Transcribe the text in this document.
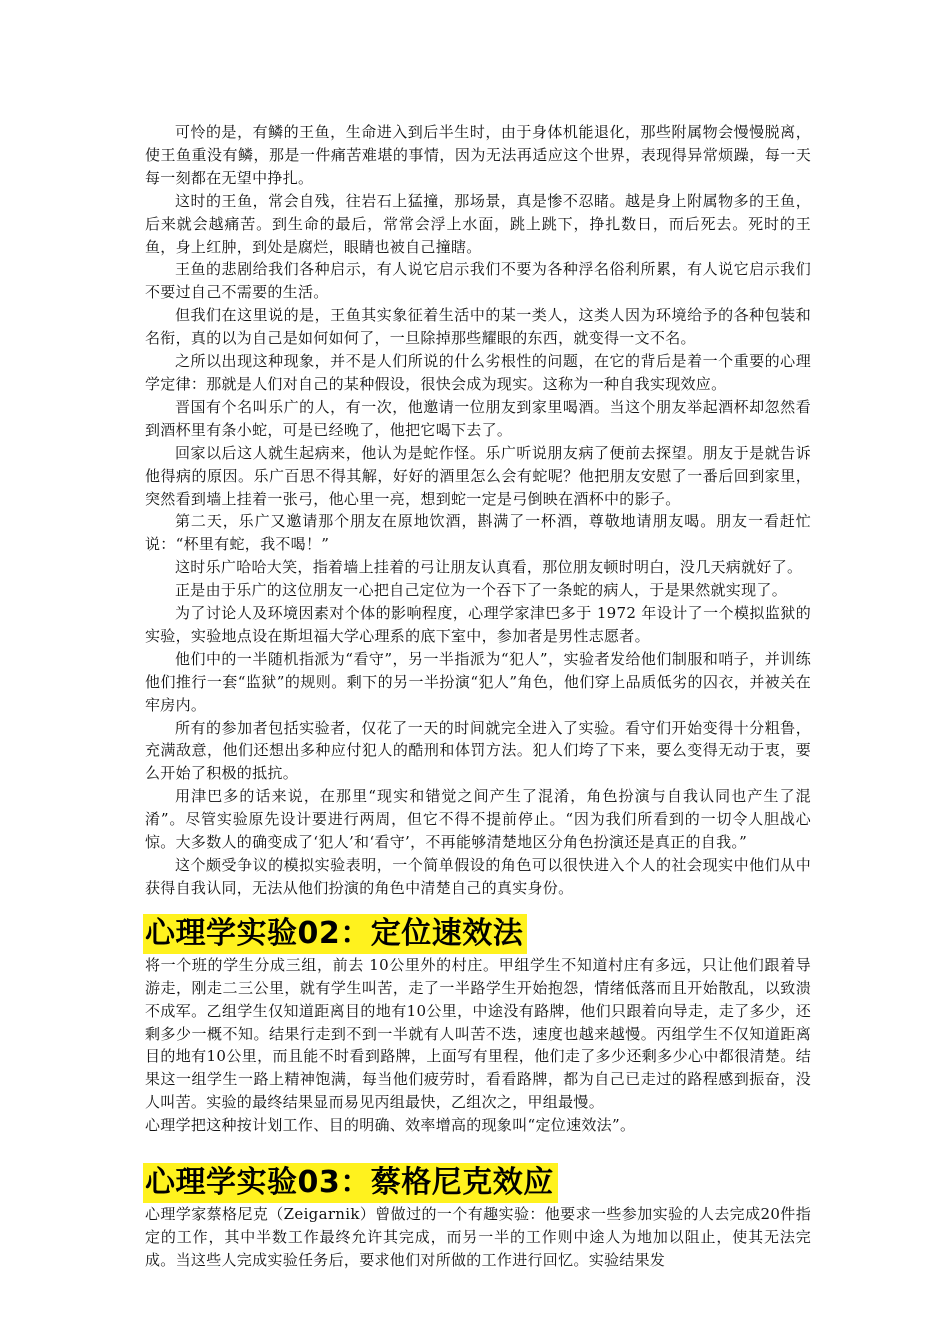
可怜的是，有鳞的王鱼，生命进入到后半生时，由于身体机能退化，那些附属物会慢慢脱离，使王鱼重没有鳞，那是一件痛苦难堪的事情，因为无法再适应这个世界，表现得异常烦躁，每一天每一刻都在无望中挣扎。

这时的王鱼，常会自残，往岩石上猛撞，那场景，真是惨不忍睹。越是身上附属物多的王鱼，后来就会越痛苦。到生命的最后，常常会浮上水面，跳上跳下，挣扎数日，而后死去。死时的王鱼，身上红肿，到处是腐烂，眼睛也被自己撞瞎。

王鱼的悲剧给我们各种启示，有人说它启示我们不要为各种浮名俗利所累，有人说它启示我们不要过自己不需要的生活。

但我们在这里说的是，王鱼其实象征着生活中的某一类人，这类人因为环境给予的各种包装和名衔，真的以为自己是如何如何了，一旦除掉那些耀眼的东西，就变得一文不名。

之所以出现这种现象，并不是人们所说的什么劣根性的问题，在它的背后是着一个重要的心理学定律：那就是人们对自己的某种假设，很快会成为现实。这称为一种自我实现效应。

晋国有个名叫乐广的人，有一次，他邀请一位朋友到家里喝酒。当这个朋友举起酒杯却忽然看到酒杯里有条小蛇，可是已经晚了，他把它喝下去了。

回家以后这人就生起病来，他认为是蛇作怪。乐广听说朋友病了便前去探望。朋友于是就告诉他得病的原因。乐广百思不得其解，好好的酒里怎么会有蛇呢？他把朋友安慰了一番后回到家里，突然看到墙上挂着一张弓，他心里一亮，想到蛇一定是弓倒映在酒杯中的影子。

第二天，乐广又邀请那个朋友在原地饮酒，斟满了一杯酒，尊敬地请朋友喝。朋友一看赶忙说：“杯里有蛇，我不喝！”

这时乐广哈哈大笑，指着墙上挂着的弓让朋友认真看，那位朋友顿时明白，没几天病就好了。

正是由于乐广的这位朋友一心把自己定位为一个吞下了一条蛇的病人，于是果然就实现了。

为了讨论人及环境因素对个体的影响程度，心理学家津巴多于 1972 年设计了一个模拟监狱的实验，实验地点设在斯坦福大学心理系的底下室中，参加者是男性志愿者。

他们中的一半随机指派为“看守”，另一半指派为“犯人”，实验者发给他们制服和哨子，并训练他们推行一套“监狱”的规则。剩下的另一半扮演“犯人”角色，他们穿上品质低劣的囚衣，并被关在牢房内。

所有的参加者包括实验者，仅花了一天的时间就完全进入了实验。看守们开始变得十分粗鲁，充满敌意，他们还想出多种应付犯人的酷刑和体罚方法。犯人们垮了下来，要么变得无动于衷，要么开始了积极的抵抗。

用津巴多的话来说，在那里“现实和错觉之间产生了混淆，角色扮演与自我认同也产生了混淆”。尽管实验原先设计要进行两周，但它不得不提前停止。“因为我们所看到的一切令人胆战心惊。大多数人的确变成了‘犯人’和‘看守’，不再能够清楚地区分角色扮演还是真正的自我。”

这个颇受争议的模拟实验表明，一个简单假设的角色可以很快进入个人的社会现实中他们从中获得自我认同，无法从他们扮演的角色中清楚自己的真实身份。

心理学实验02：定位速效法

将一个班的学生分成三组，前去 10公里外的村庄。甲组学生不知道村庄有多远，只让他们跟着导游走，刚走二三公里，就有学生叫苦，走了一半路学生开始抱怨，情绪低落而且开始散乱，以致溃不成军。乙组学生仅知道距离目的地有10公里，中途没有路牌，他们只跟着向导走，走了多少，还剩多少一概不知。结果行走到不到一半就有人叫苦不迭，速度也越来越慢。丙组学生不仅知道距离目的地有10公里，而且能不时看到路牌，上面写有里程，他们走了多少还剩多少心中都很清楚。结果这一组学生一路上精神饱满，每当他们疲劳时，看看路牌，都为自己已走过的路程感到振奋，没人叫苦。实验的最终结果显而易见丙组最快，乙组次之，甲组最慢。

心理学把这种按计划工作、目的明确、效率增高的现象叫“定位速效法”。

心理学实验03：蔡格尼克效应

心理学家蔡格尼克（Zeigarnik）曾做过的一个有趣实验：他要求一些参加实验的人去完成20件指定的工作，其中半数工作最终允许其完成，而另一半的工作则中途人为地加以阻止，使其无法完成。当这些人完成实验任务后，要求他们对所做的工作进行回忆。实验结果发
